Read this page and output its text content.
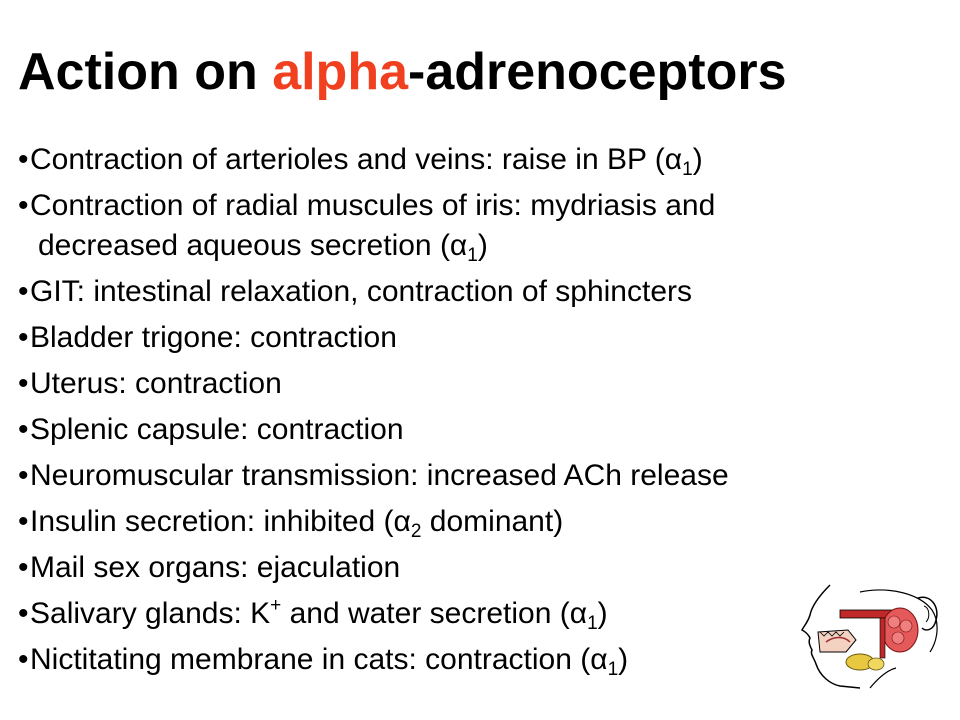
Action on alpha-adrenoceptors
•Contraction of arterioles and veins: raise in BP $(\alpha_1)$
•Contraction of radial muscules of iris: mydriasis and
decreased aqueous secretion $(\alpha_1)$
•GIT: intestinal relaxation, contraction of sphincters
•Bladder trigone: contraction
•Uterus: contraction
•Splenic capsule: contraction
•Neuromuscular transmission: increased ACh release
•Insulin secretion: inhibited ($\alpha_2$ dominant)
•Mail sex organs: ejaculation
•Salivary glands: K+ and water secretion $(\alpha_1)$
•Nictitating membrane in cats: contraction $(\alpha_1)$
